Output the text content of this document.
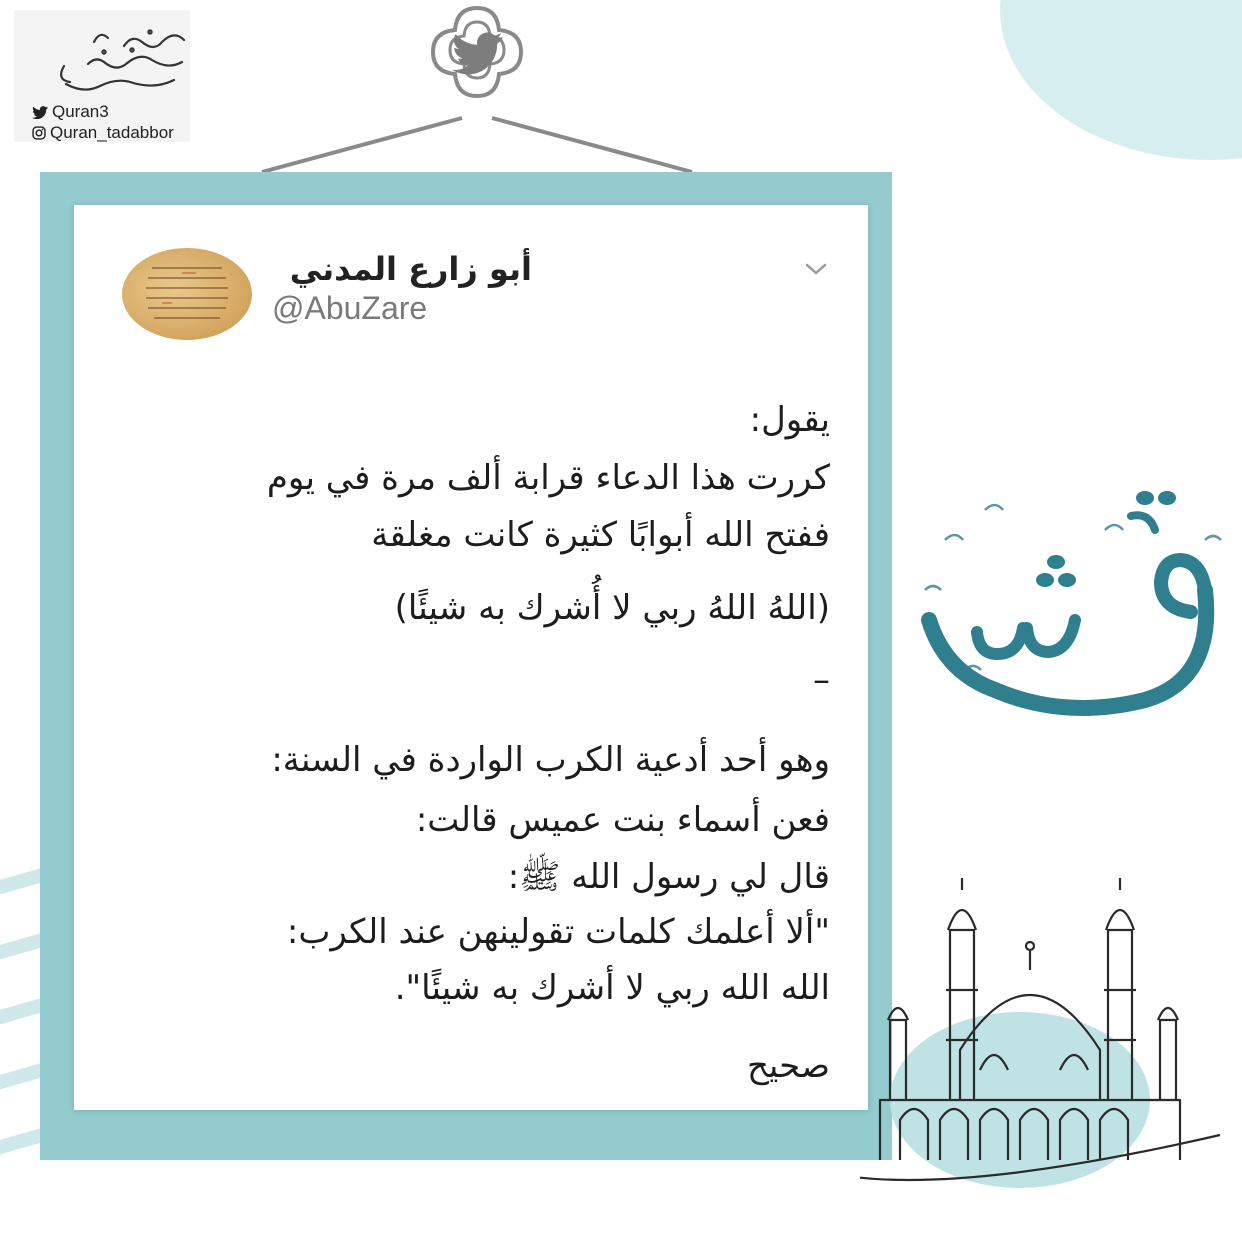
Quran3
Quran_tadabbor
أبو زارع المدني
@AbuZare
يقول:
كررت هذا الدعاء قرابة ألف مرة في يوم
ففتح الله أبوابًا كثيرة كانت مغلقة
(اللهُ اللهُ ربي لا أُشرك به شيئًا)
–
وهو أحد أدعية الكرب الواردة في السنة:
فعن أسماء بنت عميس قالت:
قال لي رسول الله ﷺ:
"ألا أعلمك كلمات تقولينهن عند الكرب:
الله الله ربي لا أشرك به شيئًا".
صحيح
